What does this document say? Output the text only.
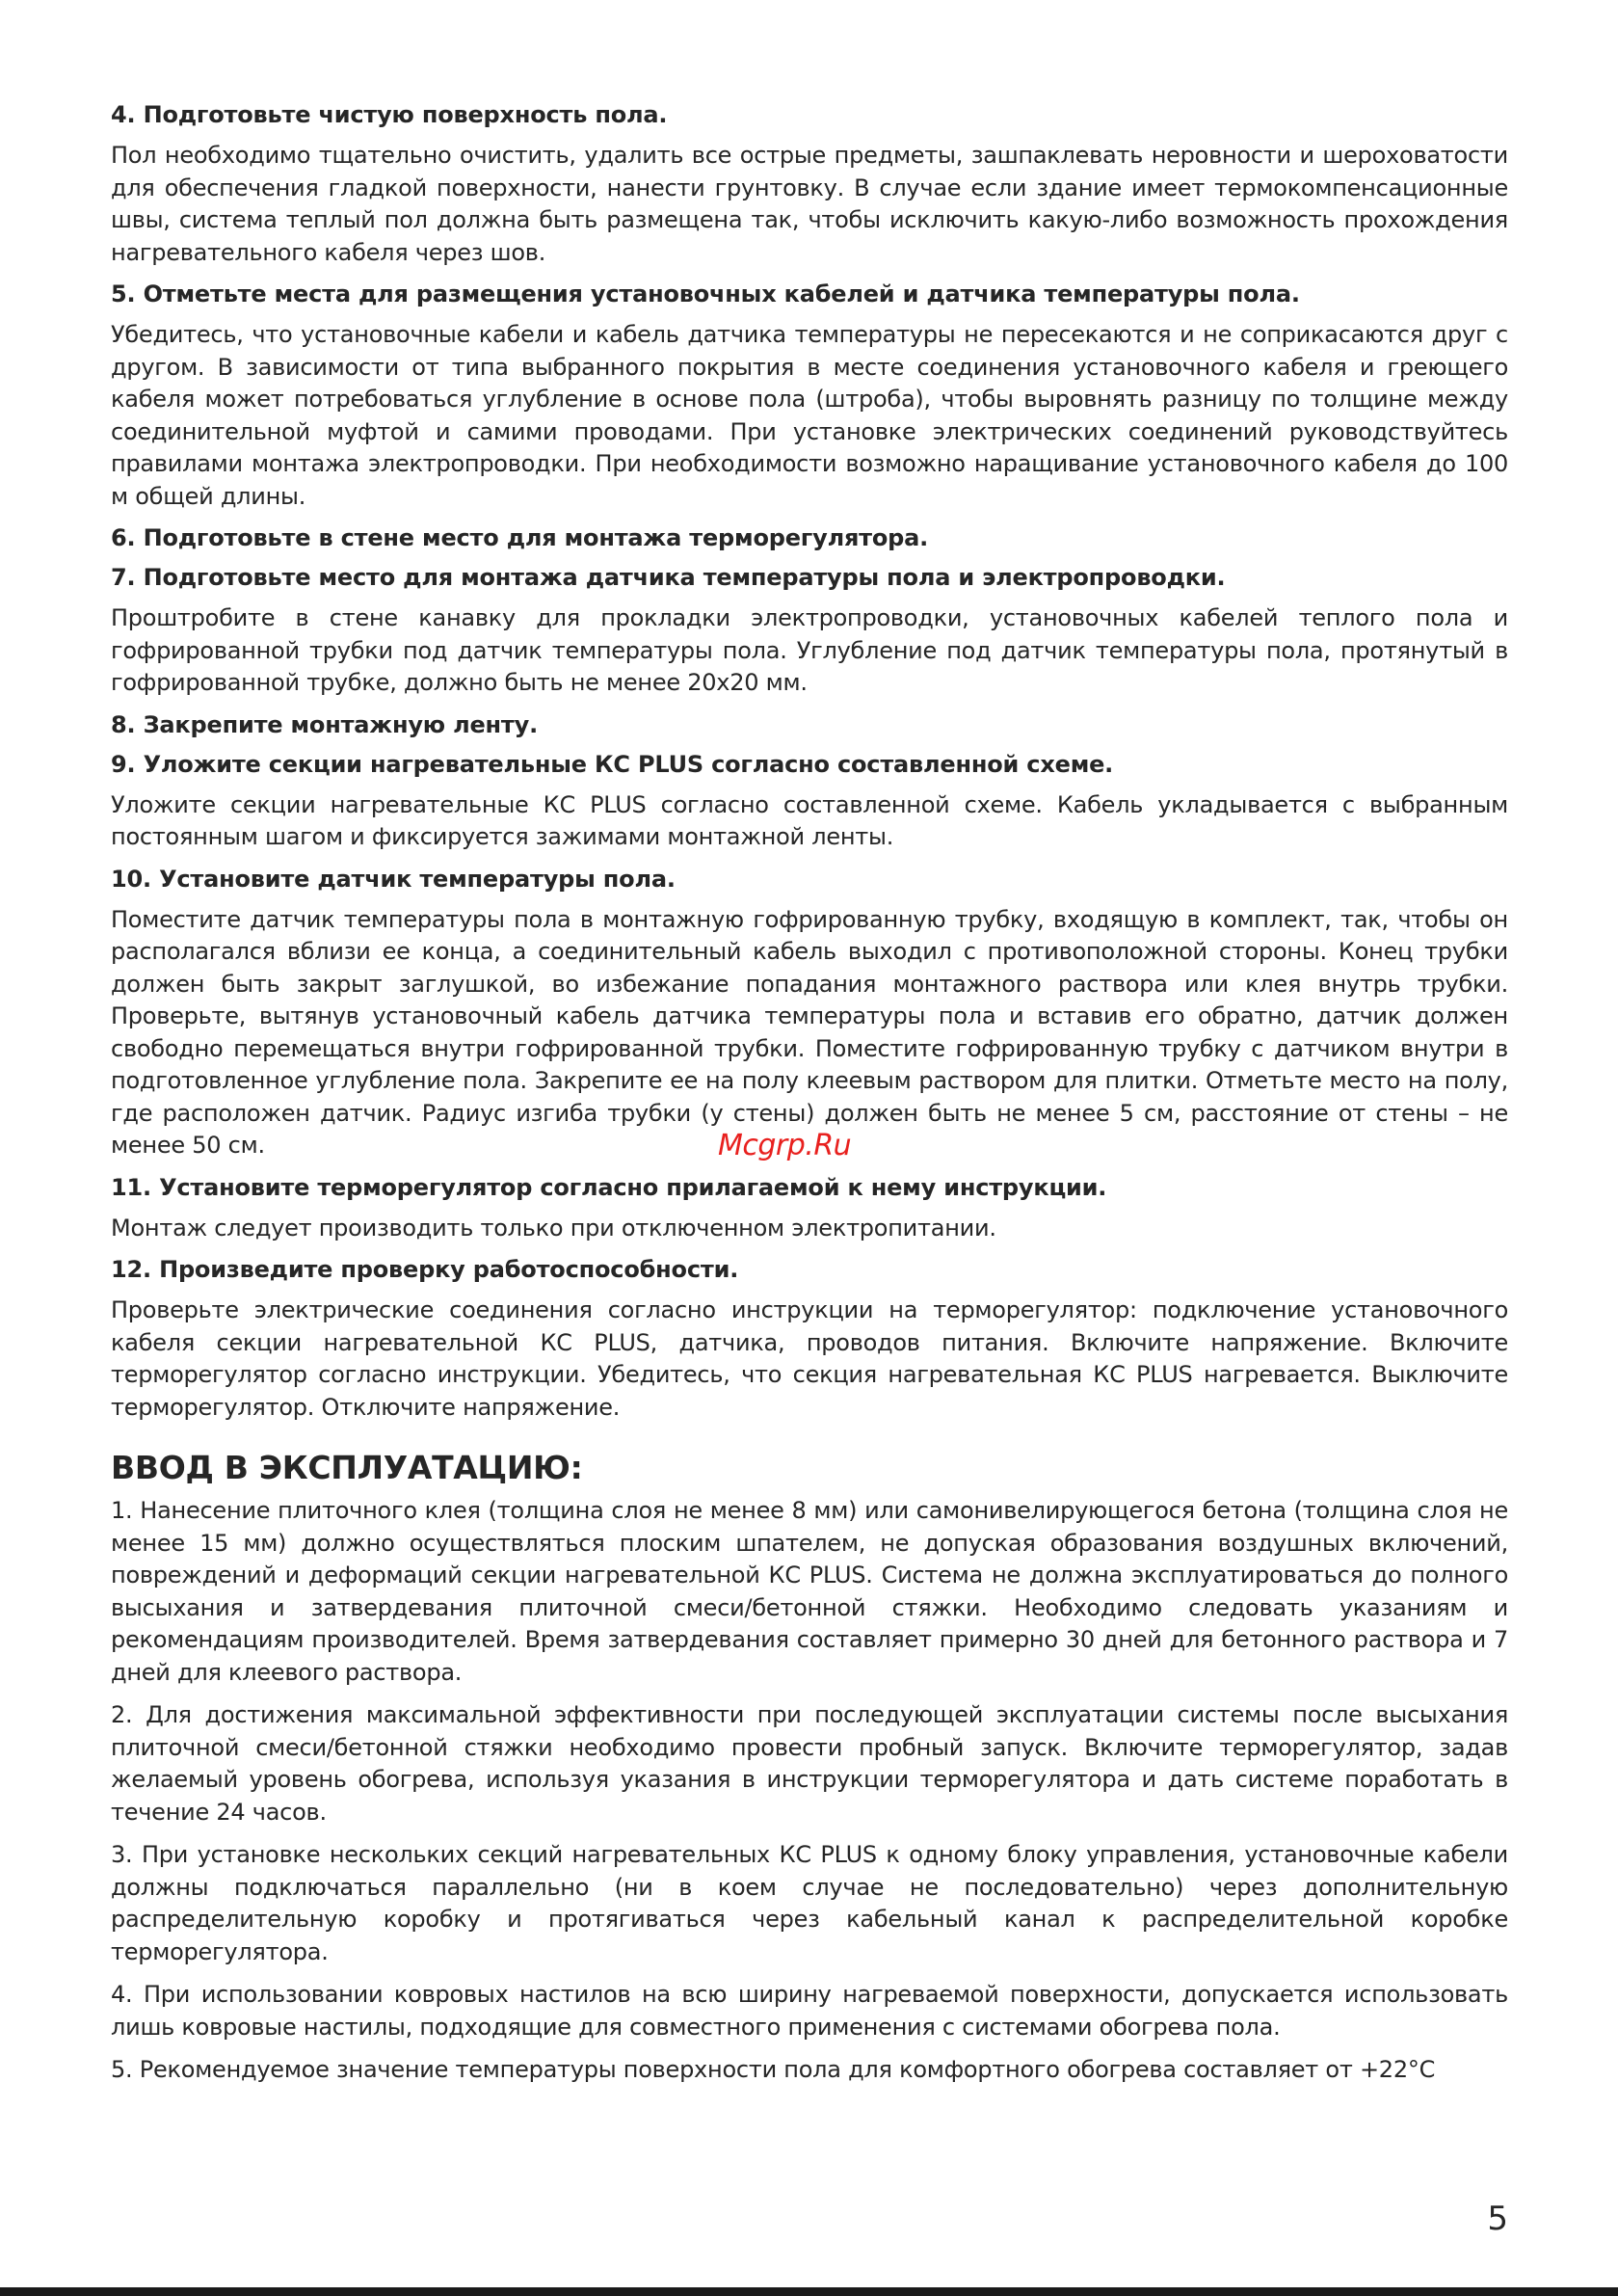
4. Подготовьте чистую поверхность пола.
Пол необходимо тщательно очистить, удалить все острые предметы, зашпаклевать неровности и шероховатости для обеспечения гладкой поверхности, нанести грунтовку. В случае если здание имеет термокомпенсационные швы, система теплый пол должна быть размещена так, чтобы исключить какую-либо возможность прохождения нагревательного кабеля через шов.
5. Отметьте места для размещения установочных кабелей и датчика температуры пола.
Убедитесь, что установочные кабели и кабель датчика температуры не пересекаются и не соприкасаются друг с другом. В зависимости от типа выбранного покрытия в месте соединения установочного кабеля и греющего кабеля может потребоваться углубление в основе пола (штроба), чтобы выровнять разницу по толщине между соединительной муфтой и самими проводами. При установке электрических соединений руководствуйтесь правилами монтажа электропроводки. При необходимости возможно наращивание установочного кабеля до 100 м общей длины.
6. Подготовьте в стене место для монтажа терморегулятора.
7. Подготовьте место для монтажа датчика температуры пола и электропроводки.
Проштробите в стене канавку для прокладки электропроводки, установочных кабелей теплого пола и гофрированной трубки под датчик температуры пола. Углубление под датчик температуры пола, протянутый в гофрированной трубке, должно быть не менее 20x20 мм.
8. Закрепите монтажную ленту.
9. Уложите секции нагревательные КС PLUS согласно составленной схеме.
Уложите секции нагревательные КС PLUS согласно составленной схеме. Кабель укладывается с выбранным постоянным шагом и фиксируется зажимами монтажной ленты.
10. Установите датчик температуры пола.
Поместите датчик температуры пола в монтажную гофрированную трубку, входящую в комплект, так, чтобы он располагался вблизи ее конца, а соединительный кабель выходил с противоположной стороны. Конец трубки должен быть закрыт заглушкой, во избежание попадания монтажного раствора или клея внутрь трубки. Проверьте, вытянув установочный кабель датчика температуры пола и вставив его обратно, датчик должен свободно перемещаться внутри гофрированной трубки. Поместите гофрированную трубку с датчиком внутри в подготовленное углубление пола. Закрепите ее на полу клеевым раствором для плитки. Отметьте место на полу, где расположен датчик. Радиус изгиба трубки (у стены) должен быть не менее 5 см, расстояние от стены – не менее 50 см.
11. Установите терморегулятор согласно прилагаемой к нему инструкции.
Монтаж следует производить только при отключенном электропитании.
12. Произведите проверку работоспособности.
Проверьте электрические соединения согласно инструкции на терморегулятор: подключение установочного кабеля секции нагревательной КС PLUS, датчика, проводов питания. Включите напряжение. Включите терморегулятор согласно инструкции. Убедитесь, что секция нагревательная КС PLUS нагревается. Выключите терморегулятор. Отключите напряжение.
ВВОД В ЭКСПЛУАТАЦИЮ:
1. Нанесение плиточного клея (толщина слоя не менее 8 мм) или самонивелирующегося бетона (толщина слоя не менее 15 мм) должно осуществляться плоским шпателем, не допуская образования воздушных включений, повреждений и деформаций секции нагревательной КС PLUS. Система не должна эксплуатироваться до полного высыхания и затвердевания плиточной смеси/бетонной стяжки. Необходимо следовать указаниям и рекомендациям производителей. Время затвердевания составляет примерно 30 дней для бетонного раствора и 7 дней для клеевого раствора.
2. Для достижения максимальной эффективности при последующей эксплуатации системы после высыхания плиточной смеси/бетонной стяжки необходимо провести пробный запуск. Включите терморегулятор, задав желаемый уровень обогрева, используя указания в инструкции терморегулятора и дать системе поработать в течение 24 часов.
3. При установке нескольких секций нагревательных КС PLUS к одному блоку управления, установочные кабели должны подключаться параллельно (ни в коем случае не последовательно) через дополнительную распределительную коробку и протягиваться через кабельный канал к распределительной коробке терморегулятора.
4. При использовании ковровых настилов на всю ширину нагреваемой поверхности, допускается использовать лишь ковровые настилы, подходящие для совместного применения с системами обогрева пола.
5. Рекомендуемое значение температуры поверхности пола для комфортного обогрева составляет от +22°С
Mcgrp.Ru
5
